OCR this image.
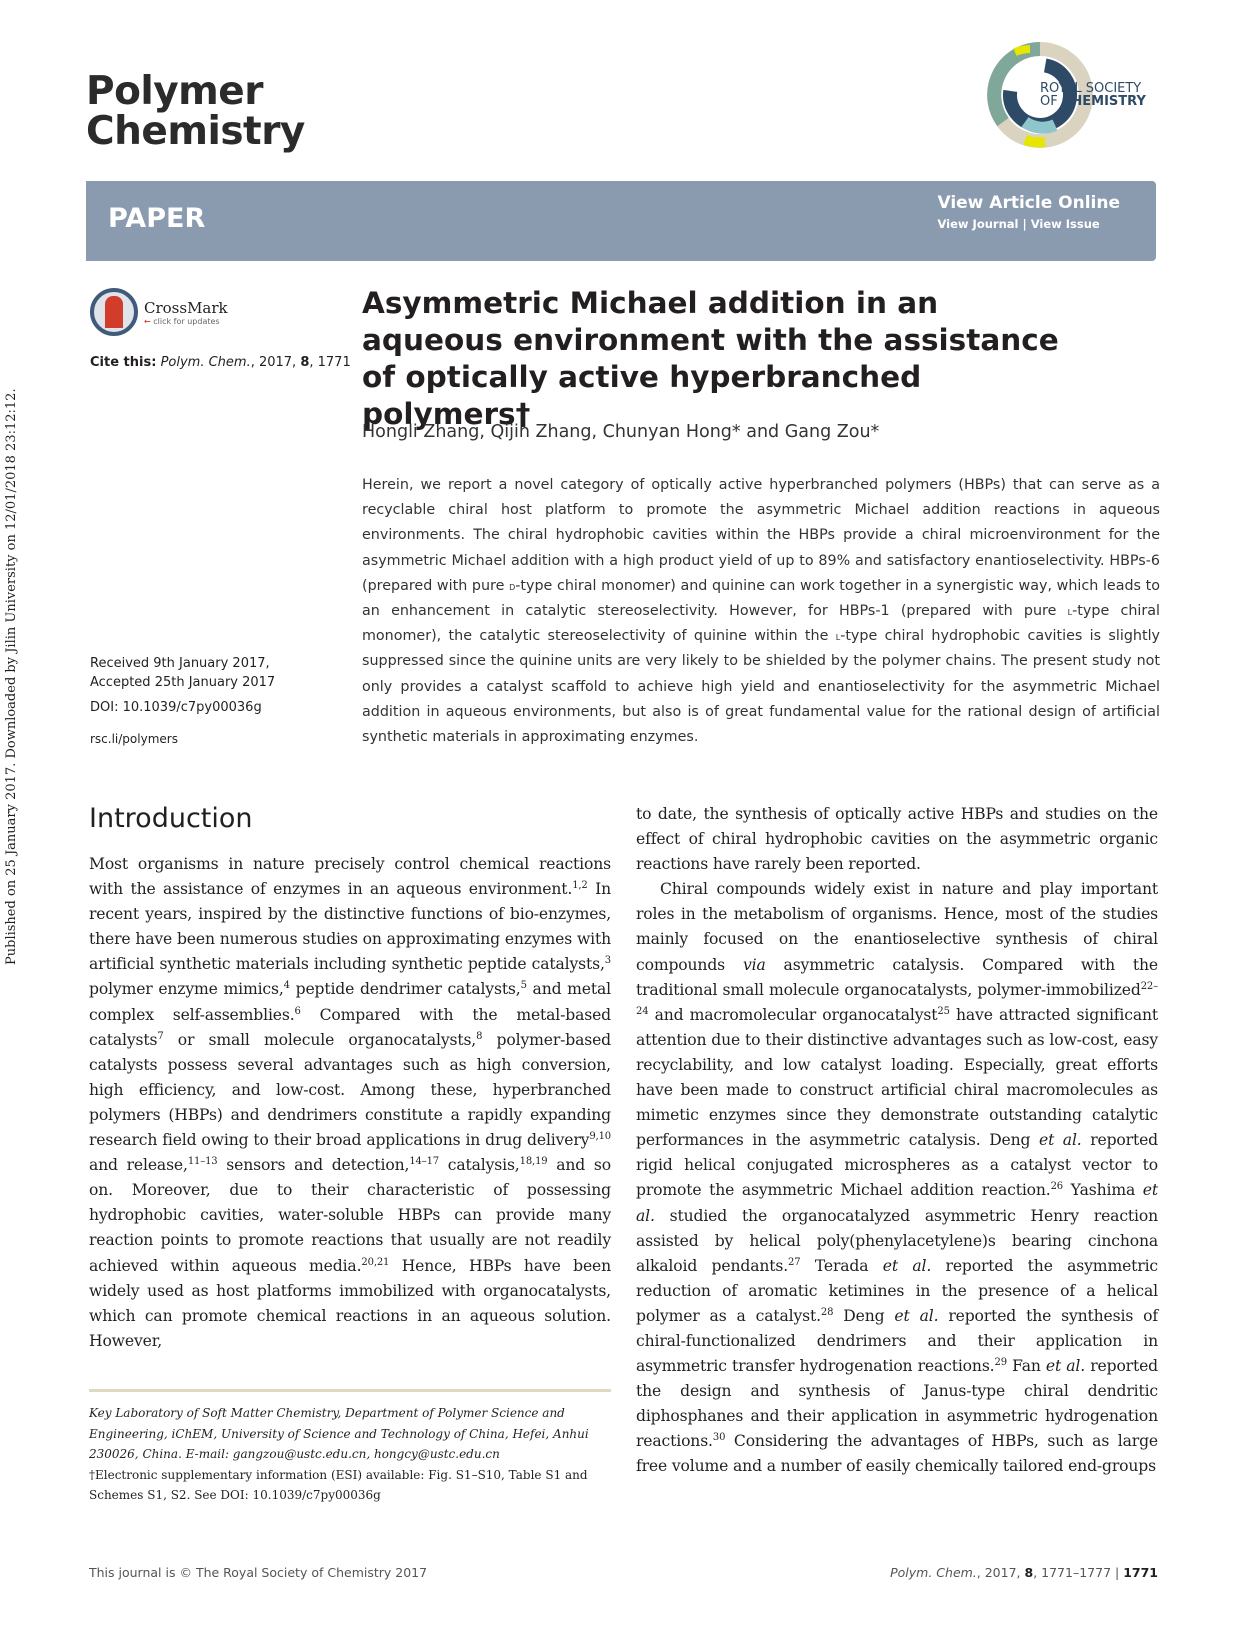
Published on 25 January 2017. Downloaded by Jilin University on 12/01/2018 23:12:12.
Polymer
Chemistry
ROYAL SOCIETY
OF CHEMISTRY
PAPER	View Article Online
View Journal | View Issue
CrossMark
← click for updates
Cite this: Polym. Chem., 2017, 8, 1771
Received 9th January 2017,
Accepted 25th January 2017
DOI: 10.1039/c7py00036g
rsc.li/polymers
Asymmetric Michael addition in an aqueous environment with the assistance of optically active hyperbranched polymers†
Hongli Zhang, Qijin Zhang, Chunyan Hong* and Gang Zou*
Herein, we report a novel category of optically active hyperbranched polymers (HBPs) that can serve as a recyclable chiral host platform to promote the asymmetric Michael addition reactions in aqueous environments. The chiral hydrophobic cavities within the HBPs provide a chiral microenvironment for the asymmetric Michael addition with a high product yield of up to 89% and satisfactory enantioselectivity. HBPs-6 (prepared with pure d-type chiral monomer) and quinine can work together in a synergistic way, which leads to an enhancement in catalytic stereoselectivity. However, for HBPs-1 (prepared with pure l-type chiral monomer), the catalytic stereoselectivity of quinine within the l-type chiral hydrophobic cavities is slightly suppressed since the quinine units are very likely to be shielded by the polymer chains. The present study not only provides a catalyst scaffold to achieve high yield and enantioselectivity for the asymmetric Michael addition in aqueous environments, but also is of great fundamental value for the rational design of artificial synthetic materials in approximating enzymes.
Introduction

Most organisms in nature precisely control chemical reactions with the assistance of enzymes in an aqueous environment.$^{1,2}$ In recent years, inspired by the distinctive functions of bio-enzymes, there have been numerous studies on approximating enzymes with artificial synthetic materials including synthetic peptide catalysts,$^3$ polymer enzyme mimics,$^4$ peptide dendrimer catalysts,$^5$ and metal complex self-assemblies.$^6$ Compared with the metal-based catalysts$^7$ or small molecule organocatalysts,$^8$ polymer-based catalysts possess several advantages such as high conversion, high efficiency, and low-cost. Among these, hyperbranched polymers (HBPs) and dendrimers constitute a rapidly expanding research field owing to their broad applications in drug delivery$^{9,10}$ and release,$^{11-13}$ sensors and detection,$^{14-17}$ catalysis,$^{18,19}$ and so on. Moreover, due to their characteristic of possessing hydrophobic cavities, water-soluble HBPs can provide many reaction points to promote reactions that usually are not readily achieved within aqueous media.$^{20,21}$ Hence, HBPs have been widely used as host platforms immobilized with organocatalysts, which can promote chemical reactions in an aqueous solution. However,

to date, the synthesis of optically active HBPs and studies on the effect of chiral hydrophobic cavities on the asymmetric organic reactions have rarely been reported.

Chiral compounds widely exist in nature and play important roles in the metabolism of organisms. Hence, most of the studies mainly focused on the enantioselective synthesis of chiral compounds via asymmetric catalysis. Compared with the traditional small molecule organocatalysts, polymer-immobilized$^{22-24}$ and macromolecular organocatalyst$^{25}$ have attracted significant attention due to their distinctive advantages such as low-cost, easy recyclability, and low catalyst loading. Especially, great efforts have been made to construct artificial chiral macromolecules as mimetic enzymes since they demonstrate outstanding catalytic performances in the asymmetric catalysis. Deng et al. reported rigid helical conjugated microspheres as a catalyst vector to promote the asymmetric Michael addition reaction.$^{26}$ Yashima et al. studied the organocatalyzed asymmetric Henry reaction assisted by helical poly(phenylacetylene)s bearing cinchona alkaloid pendants.$^{27}$ Terada et al. reported the asymmetric reduction of aromatic ketimines in the presence of a helical polymer as a catalyst.$^{28}$ Deng et al. reported the synthesis of chiral-functionalized dendrimers and their application in asymmetric transfer hydrogenation reactions.$^{29}$ Fan et al. reported the design and synthesis of Janus-type chiral dendritic diphosphanes and their application in asymmetric hydrogenation reactions.$^{30}$ Considering the advantages of HBPs, such as large free volume and a number of easily chemically tailored end-groups

Key Laboratory of Soft Matter Chemistry, Department of Polymer Science and Engineering, iChEM, University of Science and Technology of China, Hefei, Anhui 230026, China. E-mail: gangzou@ustc.edu.cn, hongcy@ustc.edu.cn
†Electronic supplementary information (ESI) available: Fig. S1–S10, Table S1 and Schemes S1, S2. See DOI: 10.1039/c7py00036g
This journal is © The Royal Society of Chemistry 2017	Polym. Chem., 2017, 8, 1771–1777 | 1771
